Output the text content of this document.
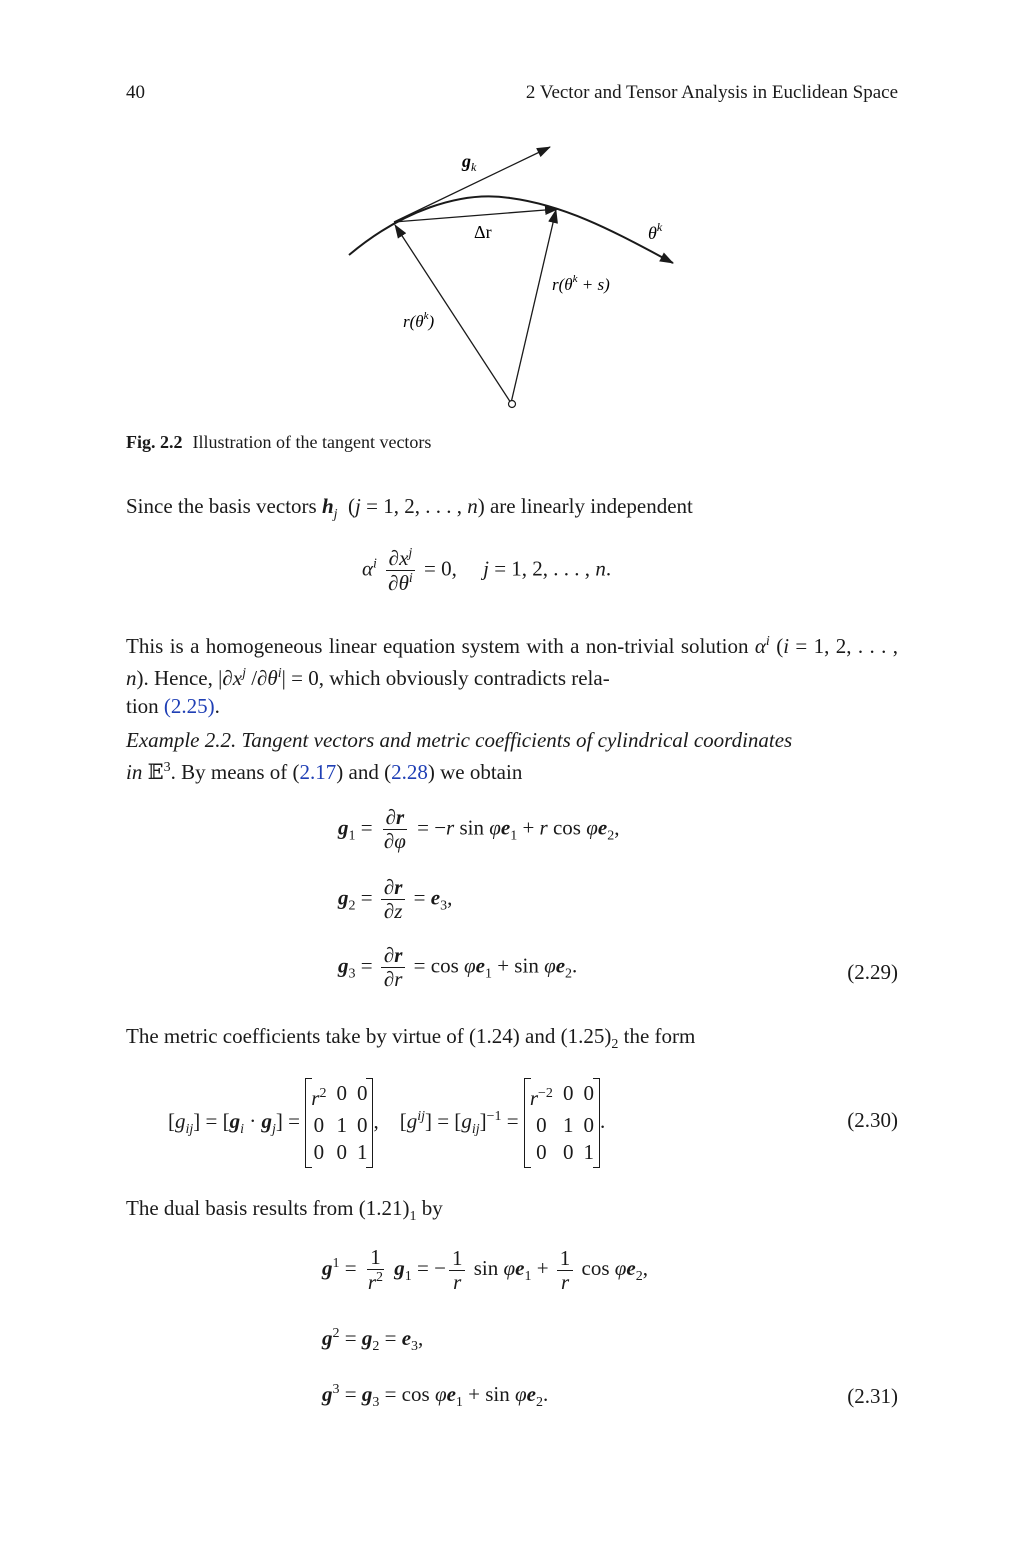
40	2 Vector and Tensor Analysis in Euclidean Space
$g_k$
Δr	$\theta^k$
$r(\theta^k + s)$
$r(\theta^k)$
Fig. 2.2 Illustration of the tangent vectors
Since the basis vectors $h_j$  (j = 1, 2, . . . , n) are linearly independent
$\alpha^i \frac{\partial x^j}{\partial\theta^i} = 0$,     j = 1, 2, . . . , n.
This is a homogeneous linear equation system with a non-trivial solution $\alpha^i$ (i = 1, 2, . . . , n). Hence, $|\partial x^j$ $/\partial\theta^i| = 0$, which obviously contradicts rela-
tion (2.25).
Example 2.2. Tangent vectors and metric coefficients of cylindrical coordinates
in 𝔼$^3$. By means of (2.17) and (2.28) we obtain
$g_1 = \frac{\partial r}{\partial\varphi} = -r$ $\sin \varphi e_1 + r$ $\cos \varphi e_2$,
$g_2 = \frac{\partial r}{\partial z} = e_3$,
$g_3 = \frac{\partial r}{\partial r} = \cos \varphi e_1 + \sin \varphi e_2$.	(2.29)
The metric coefficients take by virtue of (1.24) and $(1.25)_2$ the form
$[g_{ij}] = [g_i \cdot g_j]$ =
$r^2$ 0 0
0 1 0
0 0 1
,    $[g^{ij}] = [g_{ij}]^{-1}$ =
$r^{-2}$ 0 0
0 1 0
0 0 1
.	(2.30)
The dual basis results from $(1.21)_1$ by
$g^1 = \frac{1}{r^2} g_1$ = − $\frac{1}{r}$ $\sin \varphi e_1 + \frac{1}{r}$ $\cos \varphi e_2$,
$g^2 = g_2 = e_3$,
$g^3 = g_3 = \cos \varphi e_1 + \sin \varphi e_2$.	(2.31)
